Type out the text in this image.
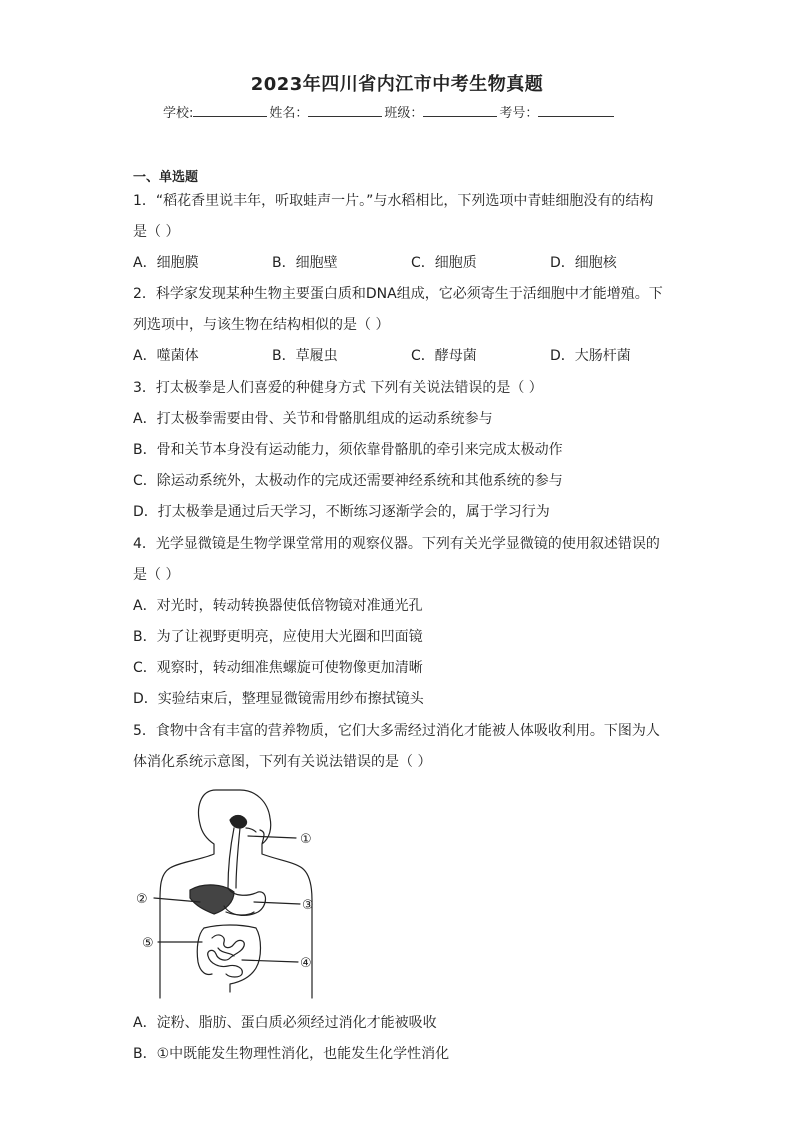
2023年四川省内江市中考生物真题
学校:	姓名：	班级：	考号：
一、单选题
1．“稻花香里说丰年，听取蛙声一片。”与水稻相比，下列选项中青蛙细胞没有的结构
是（ ）
A．细胞膜	B．细胞壁	C．细胞质	D．细胞核
2．科学家发现某种生物主要蛋白质和DNA组成，它必须寄生于活细胞中才能增殖。下
列选项中，与该生物在结构相似的是（ ）
A．噬菌体	B．草履虫	C．酵母菌	D．大肠杆菌
3．打太极拳是人们喜爱的种健身方式 下列有关说法错误的是（ ）
A．打太极拳需要由骨、关节和骨骼肌组成的运动系统参与
B．骨和关节本身没有运动能力，须依靠骨骼肌的牵引来完成太极动作
C．除运动系统外，太极动作的完成还需要神经系统和其他系统的参与
D．打太极拳是通过后天学习，不断练习逐渐学会的，属于学习行为
4．光学显微镜是生物学课堂常用的观察仪器。下列有关光学显微镜的使用叙述错误的
是（ ）
A．对光时，转动转换器使低倍物镜对准通光孔
B．为了让视野更明亮，应使用大光圈和凹面镜
C．观察时，转动细准焦螺旋可使物像更加清晰
D．实验结束后，整理显微镜需用纱布擦拭镜头
5．食物中含有丰富的营养物质，它们大多需经过消化才能被人体吸收利用。下图为人
体消化系统示意图，下列有关说法错误的是（ ）
①
②	③
④
⑤
A．淀粉、脂肪、蛋白质必须经过消化才能被吸收
B．①中既能发生物理性消化，也能发生化学性消化
